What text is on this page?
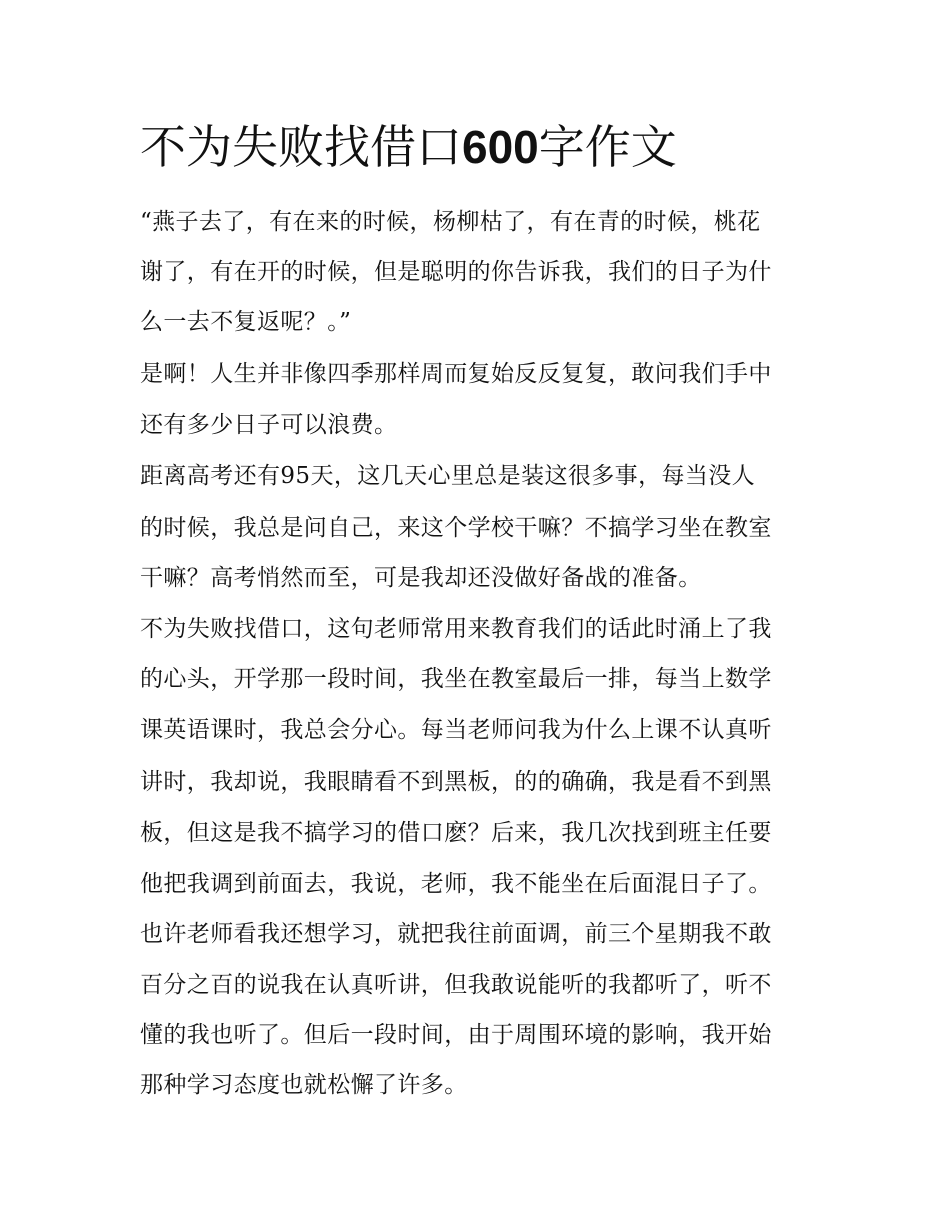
不为失败找借口600字作文
“燕子去了，有在来的时候，杨柳枯了，有在青的时候，桃花
谢了，有在开的时候，但是聪明的你告诉我，我们的日子为什
么一去不复返呢？。”
是啊！人生并非像四季那样周而复始反反复复，敢问我们手中
还有多少日子可以浪费。
距离高考还有95天，这几天心里总是装这很多事，每当没人
的时候，我总是问自己，来这个学校干嘛？不搞学习坐在教室
干嘛？高考悄然而至，可是我却还没做好备战的准备。
不为失败找借口，这句老师常用来教育我们的话此时涌上了我
的心头，开学那一段时间，我坐在教室最后一排，每当上数学
课英语课时，我总会分心。每当老师问我为什么上课不认真听
讲时，我却说，我眼睛看不到黑板，的的确确，我是看不到黑
板，但这是我不搞学习的借口麽？后来，我几次找到班主任要
他把我调到前面去，我说，老师，我不能坐在后面混日子了。
也许老师看我还想学习，就把我往前面调，前三个星期我不敢
百分之百的说我在认真听讲，但我敢说能听的我都听了，听不
懂的我也听了。但后一段时间，由于周围环境的影响，我开始
那种学习态度也就松懈了许多。
